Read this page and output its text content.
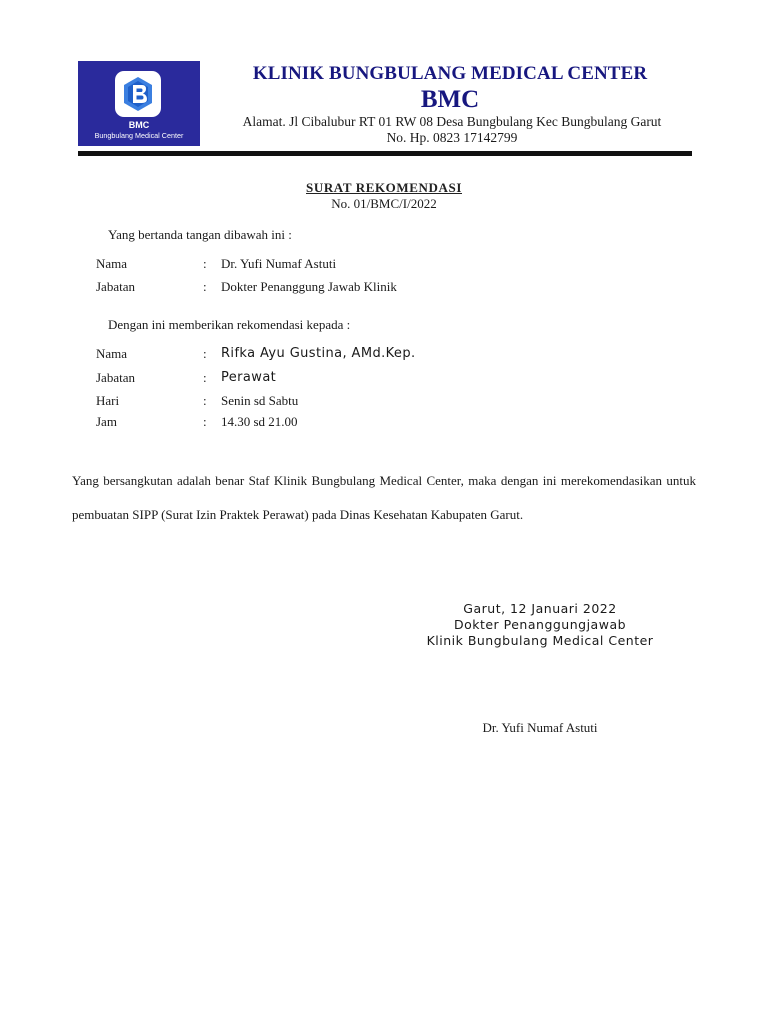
BMC
Bungbulang Medical Center
KLINIK BUNGBULANG MEDICAL CENTER
BMC
Alamat. Jl Cibalubur RT 01 RW 08 Desa Bungbulang Kec Bungbulang Garut
No. Hp. 0823 17142799
SURAT REKOMENDASI
No. 01/BMC/I/2022
Yang bertanda tangan dibawah ini :
Nama	: Dr. Yufi Numaf Astuti
Jabatan	: Dokter Penanggung Jawab Klinik
Dengan ini memberikan rekomendasi kepada :
Nama	: Rifka Ayu Gustina, AMd.Kep.
Jabatan	: Perawat
Hari	: Senin sd Sabtu
Jam	: 14.30 sd 21.00
Yang bersangkutan adalah benar Staf Klinik Bungbulang Medical Center, maka dengan ini merekomendasikan untuk pembuatan SIPP (Surat Izin Praktek Perawat) pada Dinas Kesehatan Kabupaten Garut.
Garut, 12 Januari 2022
Dokter Penanggungjawab
Klinik Bungbulang Medical Center
Dr. Yufi Numaf Astuti
